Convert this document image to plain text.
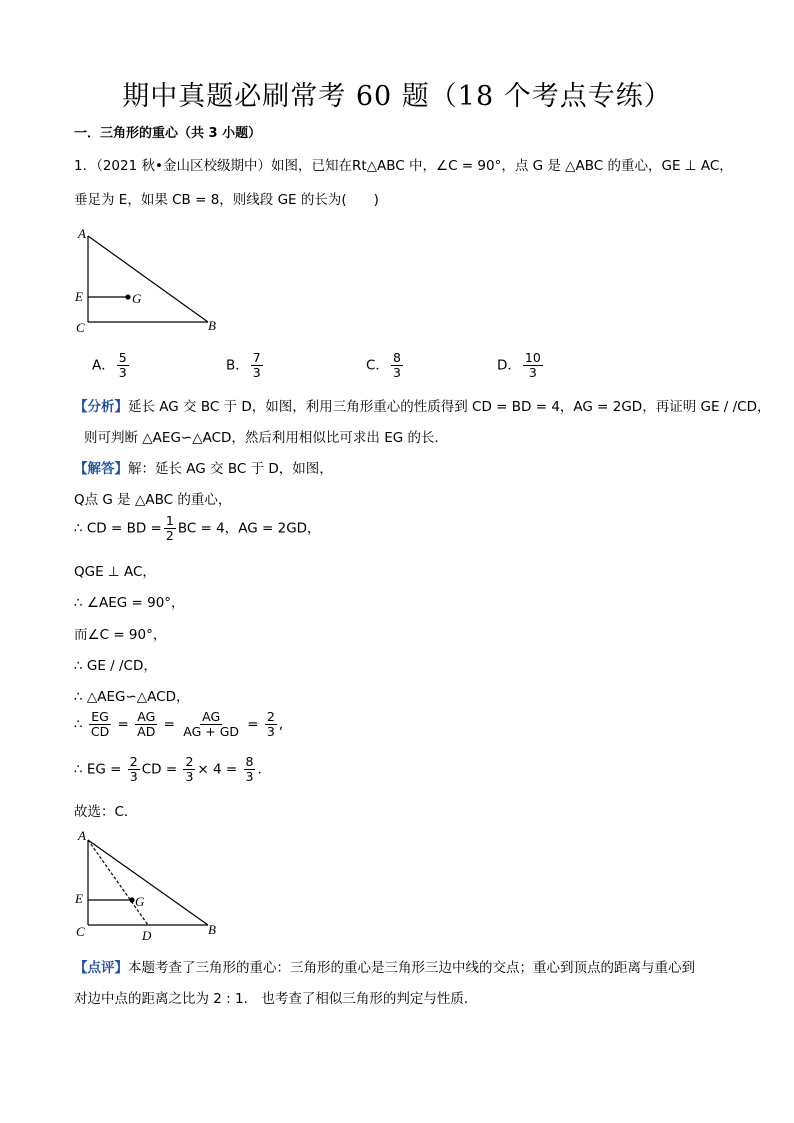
期中真题必刷常考 60 题（18 个考点专练）
一．三角形的重心（共 3 小题）
1．（2021 秋•金山区校级期中）如图，已知在Rt△ABC 中，∠C = 90°，点 G 是 △ABC 的重心，GE ⊥ AC，
垂足为 E，如果 CB = 8，则线段 GE 的长为(　　)
A
E	G
C	B
A． $\frac{5}{3}$	B． $\frac{7}{3}$	C． $\frac{8}{3}$	D． $\frac{10}{3}$
【分析】延长 AG 交 BC 于 D，如图，利用三角形重心的性质得到 CD = BD = 4，AG = 2GD，再证明 GE / /CD，
则可判断 △AEG∽△ACD，然后利用相似比可求出 EG 的长．
【解答】解：延长 AG 交 BC 于 D，如图，
Q点 G 是 △ABC 的重心，
∴ CD = BD = $\frac{1}{2}$ BC = 4，AG = 2GD，
QGE ⊥ AC，
∴ ∠AEG = 90°，
而∠C = 90°，
∴ GE / /CD，
∴ △AEG∽△ACD，
∴ $\frac{EG}{CD} = \frac{AG}{AD} = \frac{AG}{AG + GD} = \frac{2}{3}$ ,
∴ EG = $\frac{2}{3}$ CD = $\frac{2}{3} \times 4 = \frac{8}{3}$ ．
故选：C．
A
E	G
C	D	B
【点评】本题考查了三角形的重心：三角形的重心是三角形三边中线的交点；重心到顶点的距离与重心到
对边中点的距离之比为 2 : 1． 也考查了相似三角形的判定与性质．
